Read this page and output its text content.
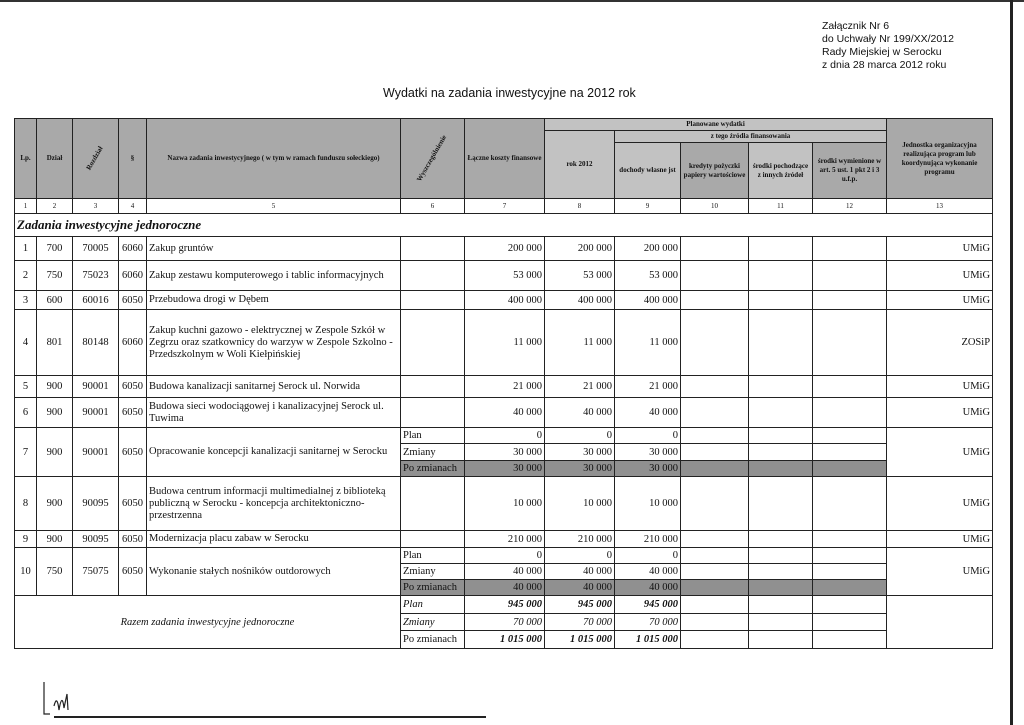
Załącznik Nr 6
do Uchwały Nr 199/XX/2012
Rady Miejskiej w Serocku
z dnia 28 marca 2012 roku
Wydatki na zadania inwestycyjne na 2012 rok
Lp.	Dział	Rozdział	§	Nazwa zadania inwestycyjnego ( w tym w ramach funduszu sołeckiego)	Wyszczególnienie	Łączne koszty finansowe	Planowane wydatki					Jednostka organizacyjna realizująca program lub koordynująca wykonanie programu
							rok 2012	z tego źródła finansowania				
								dochody własne jst	kredyty pożyczki papiery wartościowe	środki pochodzące z innych źródeł	środki wymienione w art. 5 ust. 1 pkt 2 i 3 u.f.p.	
1	2	3	4	5	6	7	8	9	10	11	12	13
Zadania inwestycyjne jednoroczne												
1	700	70005	6060	Zakup gruntów		200 000	200 000	200 000				UMiG
2	750	75023	6060	Zakup zestawu komputerowego i tablic informacyjnych		53 000	53 000	53 000				UMiG
3	600	60016	6050	Przebudowa drogi w Dębem		400 000	400 000	400 000				UMiG
4	801	80148	6060	Zakup kuchni gazowo - elektrycznej w Zespole Szkół w Zegrzu oraz szatkownicy do warzyw w Zespole Szkolno - Przedszkolnym w Woli Kiełpińskiej		11 000	11 000	11 000				ZOSiP
5	900	90001	6050	Budowa kanalizacji sanitarnej Serock ul. Norwida		21 000	21 000	21 000				UMiG
6	900	90001	6050	Budowa sieci wodociągowej i kanalizacyjnej Serock ul. Tuwima		40 000	40 000	40 000				UMiG
7	900	90001	6050	Opracowanie koncepcji kanalizacji sanitarnej w Serocku	Plan	0	0	0				UMiG
					Zmiany	30 000	30 000	30 000				
					Po zmianach	30 000	30 000	30 000				
8	900	90095	6050	Budowa centrum informacji multimedialnej z biblioteką publiczną w Serocku - koncepcja architektoniczno- przestrzenna		10 000	10 000	10 000				UMiG
9	900	90095	6050	Modernizacja placu zabaw w Serocku		210 000	210 000	210 000				UMiG
10	750	75075	6050	Wykonanie stałych nośników outdorowych	Plan	0	0	0				UMiG
					Zmiany	40 000	40 000	40 000				
					Po zmianach	40 000	40 000	40 000				
Razem zadania inwestycyjne jednoroczne					Plan	945 000	945 000	945 000				
					Zmiany	70 000	70 000	70 000				
					Po zmianach	1 015 000	1 015 000	1 015 000				
